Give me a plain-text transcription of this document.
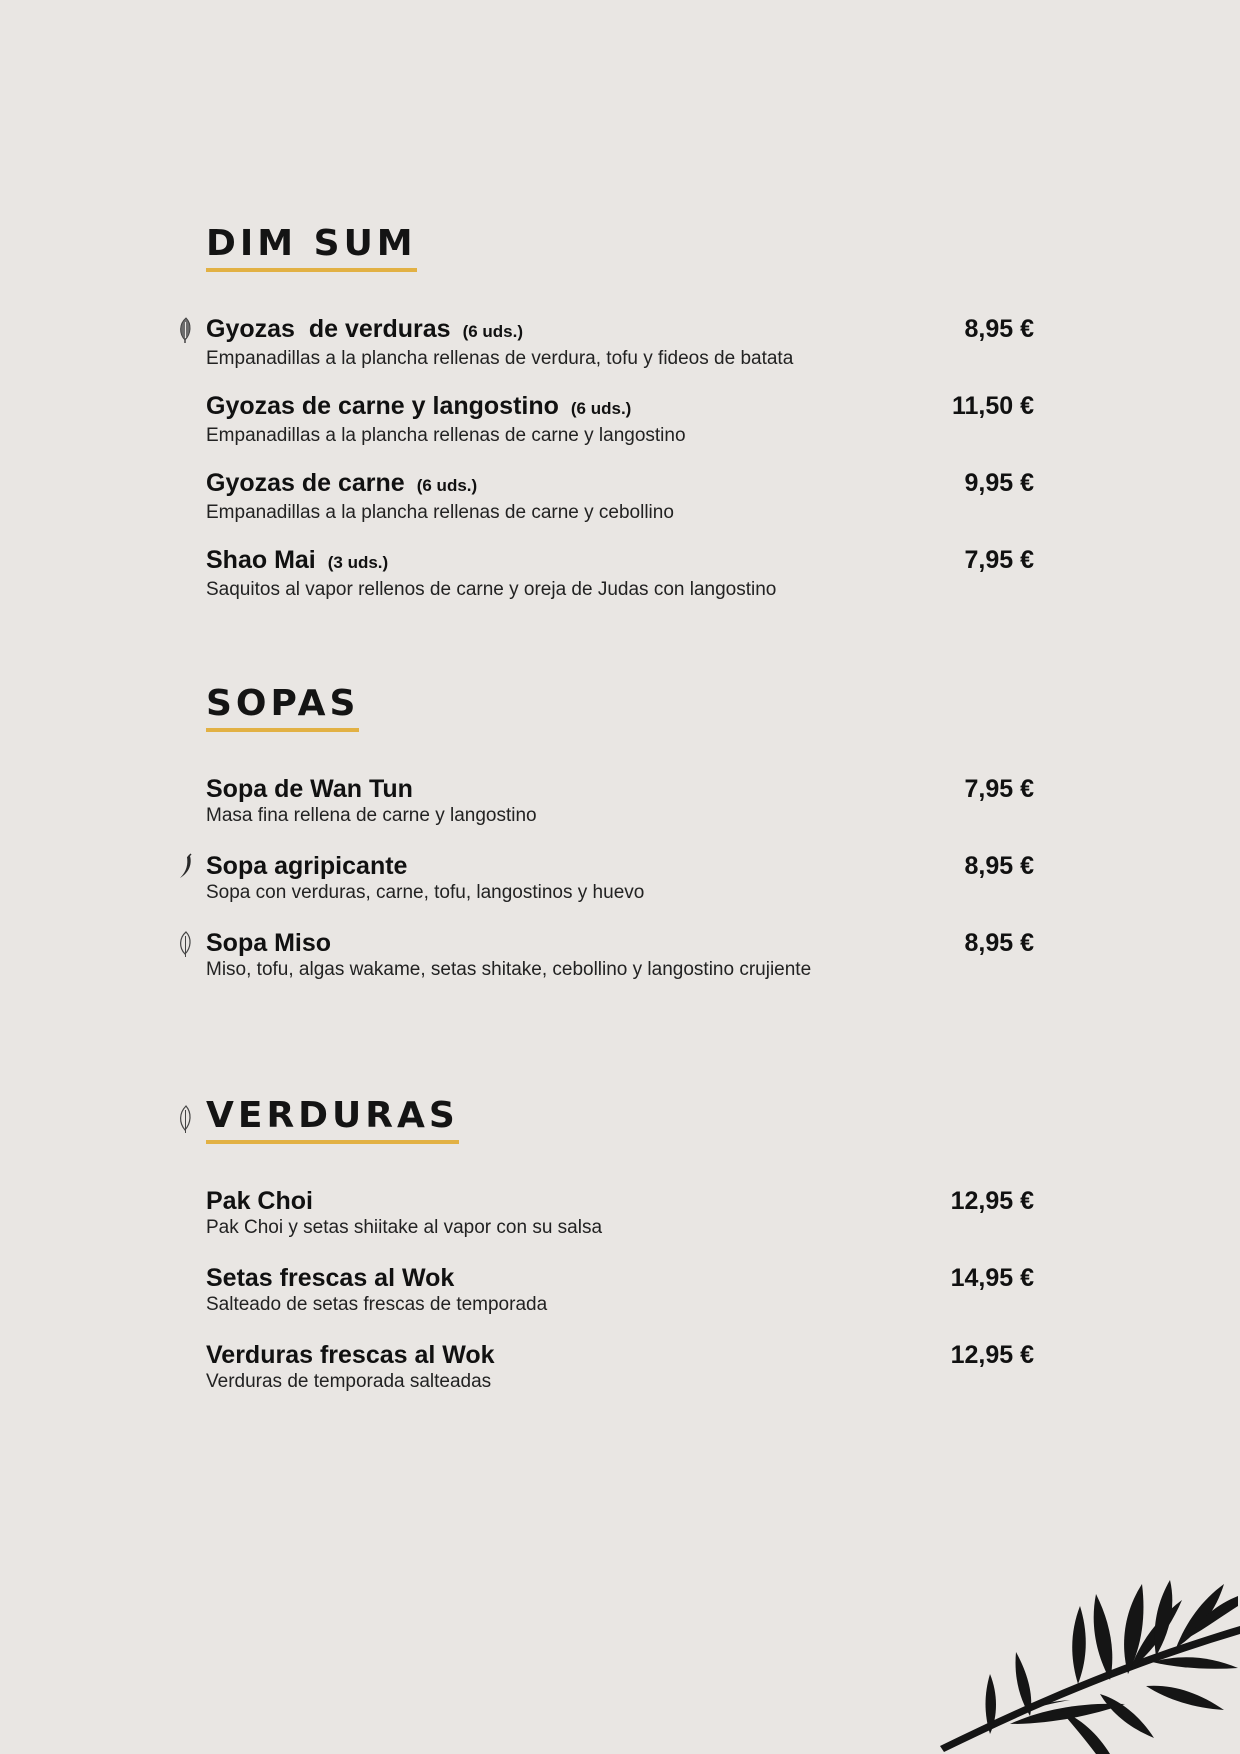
DIM SUM
Gyozas  de verduras (6 uds.)
Empanadillas a la plancha rellenas de verdura, tofu y fideos de batata
8,95 €
Gyozas de carne y langostino (6 uds.)
Empanadillas a la plancha rellenas de carne y langostino
11,50 €
Gyozas de carne (6 uds.)
Empanadillas a la plancha rellenas de carne y cebollino
9,95 €
Shao Mai (3 uds.)
Saquitos al vapor rellenos de carne y oreja de Judas con langostino
7,95 €
SOPAS
Sopa de Wan Tun
Masa fina rellena de carne y langostino
7,95 €
Sopa agripicante
Sopa con verduras, carne, tofu, langostinos y huevo
8,95 €
Sopa Miso
Miso, tofu, algas wakame, setas shitake, cebollino y langostino crujiente
8,95 €
VERDURAS
Pak Choi
Pak Choi y setas shiitake al vapor con su salsa
12,95 €
Setas frescas al Wok
Salteado de setas frescas de temporada
14,95 €
Verduras frescas al Wok
Verduras de temporada salteadas
12,95 €
